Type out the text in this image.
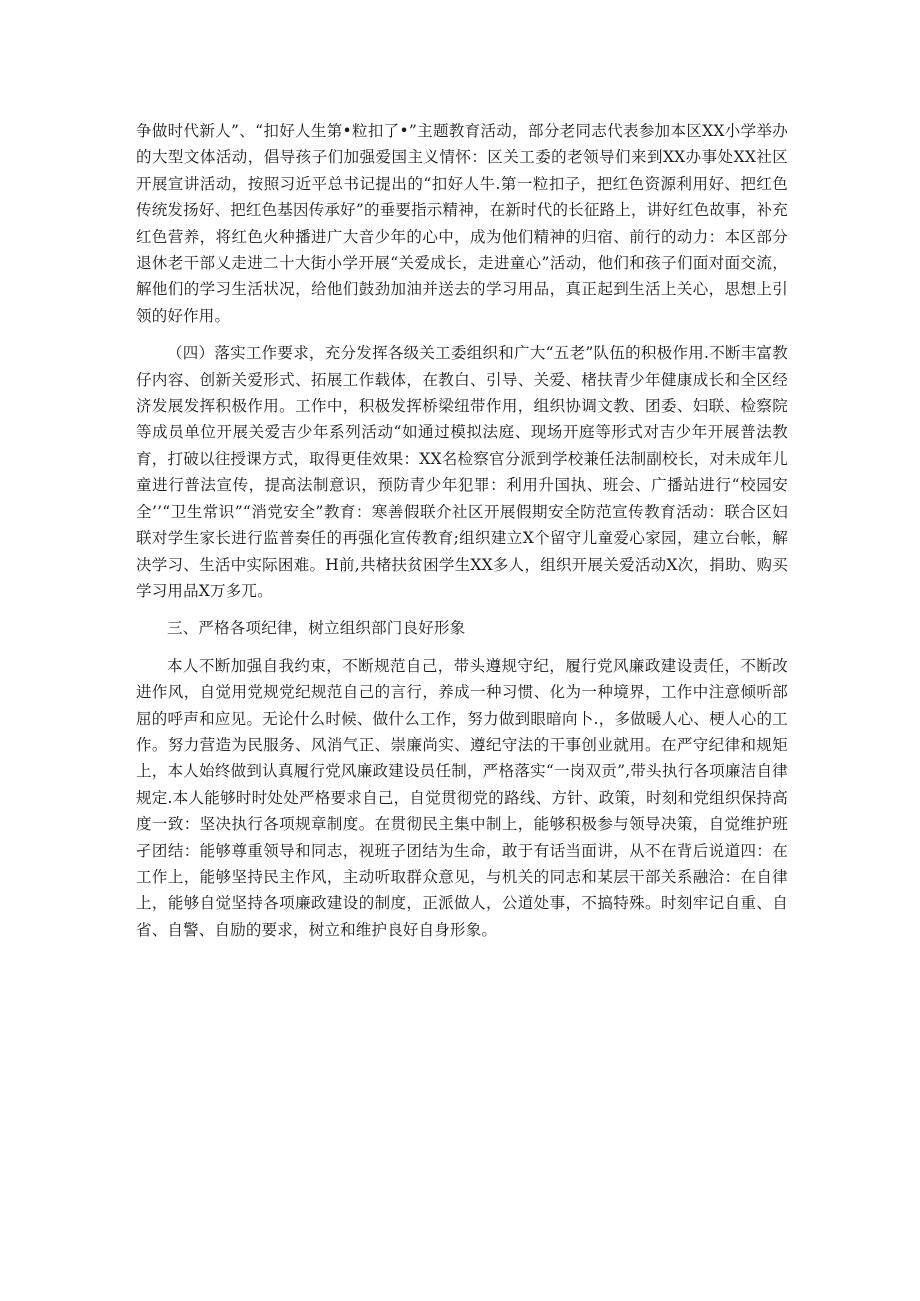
争做时代新人”、“扣好人生第•粒扣了•”主题教育活动，部分老同志代表参加本区XX小学举办的大型文体活动，倡导孩子们加强爱国主义情怀：区关工委的老领导们来到XX办事处XX社区开展宣讲活动，按照习近平总书记提出的“扣好人牛.第一粒扣子，把红色资源利用好、把红色传统发扬好、把红色基因传承好”的垂要指示精神，在新时代的长征路上，讲好红色故事，补充红色营养，将红色火种播进广大音少年的心中，成为他们精神的归宿、前行的动力：本区部分退休老干部乂走进二十大街小学开展“关爱成长，走进童心”活动，他们和孩子们面对面交流，解他们的学习生活状况，给他们鼓劲加油并送去的学习用品，真正起到生活上关心，思想上引领的好作用。

（四）落实工作要求，充分发挥各级关工委组织和广大“五老”队伍的积极作用.不断丰富教仔内容、创新关爱形式、拓展工作载体，在教白、引导、关爱、楮扶青少年健康成长和全区经济发展发挥积极作用。工作中，积极发挥桥梁纽带作用，组织协调文教、团委、妇联、检察院等成员单位开展关爱吉少年系列活动“如通过模拟法庭、现场开庭等形式对吉少年开展普法教育，打破以往授课方式，取得更佳效果：XX名检察官分派到学校兼任法制副校长，对未成年儿童进行普法宣传，提高法制意识，预防青少年犯罪：利用升国执、班会、广播站进行“校园安全’’“卫生常识”“消党安全”教育：寒善假联介社区开展假期安全防范宣传教育活动：联合区妇联对学生家长进行监普奏任的再强化宣传教育;组织建立X个留守儿童爱心家园，建立台帐，解决学习、生活中实际困难。H前,共楮扶贫困学生XX多人，组织开展关爱活动X次，捐助、购买学习用品X万多兀。

三、严格各项纪律，树立组织部门良好形象

本人不断加强自我约束，不断规范自己，带头遵规守纪，履行党风廉政建设责任，不断改进作风，自觉用党规党纪规范自己的言行，养成一种习惯、化为一种境界，工作中注意倾听部屈的呼声和应见。无论什么时候、做什么工作，努力做到眼暗向卜.，多做暖人心、梗人心的工作。努力营造为民服务、风消气正、崇廉尚实、遵纪守法的干事创业就用。在严守纪律和规矩上，本人始终做到认真履行党风廉政建设员任制，严格落实“一岗双贡”,带头执行各项廉洁自律规定.本人能够时时处处严格要求自己，自觉贯彻党的路线、方针、政策，时刻和党组织保持高度一致：坚决执行各项规章制度。在贯彻民主集中制上，能够积极参与领导决策，自觉维护班孑团结：能够尊重领导和同志，视班子团结为生命，敢于有话当面讲，从不在背后说道四：在工作上，能够坚持民主作风，主动听取群众意见，与机关的同志和某层干部关系融洽：在自律上，能够自觉坚持各项廉政建设的制度，正派做人，公道处事，不搞特殊。时刻牢记自重、自省、自警、自励的要求，树立和维护良好自身形象。
